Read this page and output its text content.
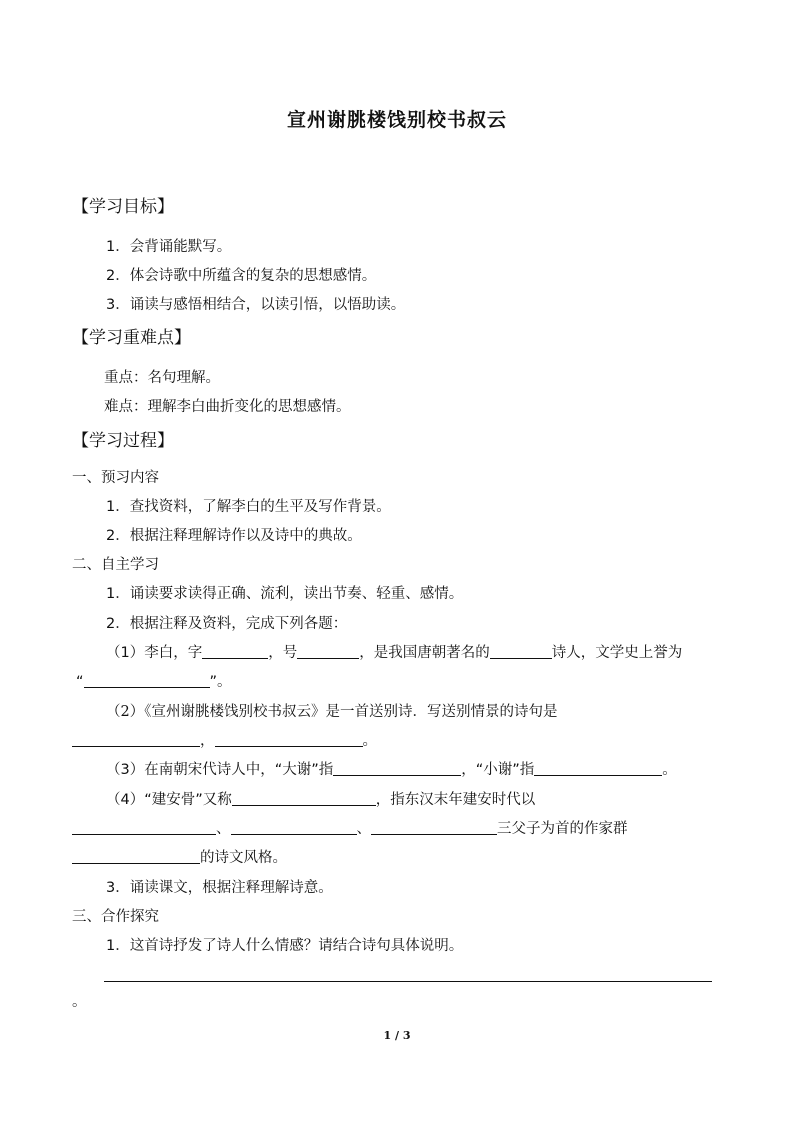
宣州谢朓楼饯别校书叔云
【学习目标】
1．会背诵能默写。
2．体会诗歌中所蕴含的复杂的思想感情。
3．诵读与感悟相结合，以读引悟，以悟助读。
【学习重难点】
重点：名句理解。
难点：理解李白曲折变化的思想感情。
【学习过程】
一、预习内容
1．查找资料，了解李白的生平及写作背景。
2．根据注释理解诗作以及诗中的典故。
二、自主学习
1．诵读要求读得正确、流利，读出节奏、轻重、感情。
2．根据注释及资料，完成下列各题：
（1）李白，字	，号	，是我国唐朝著名的	诗人，文学史上誉为
“	”。
（2）《宣州谢朓楼饯别校书叔云》是一首送别诗．写送别情景的诗句是
，	。
（3）在南朝宋代诗人中，“大谢”指	，“小谢”指	。
（4）“建安骨”又称	，指东汉末年建安时代以
、	、	三父子为首的作家群
的诗文风格。
3．诵读课文，根据注释理解诗意。
三、合作探究
1．这首诗抒发了诗人什么情感？请结合诗句具体说明。
。
1 / 3
